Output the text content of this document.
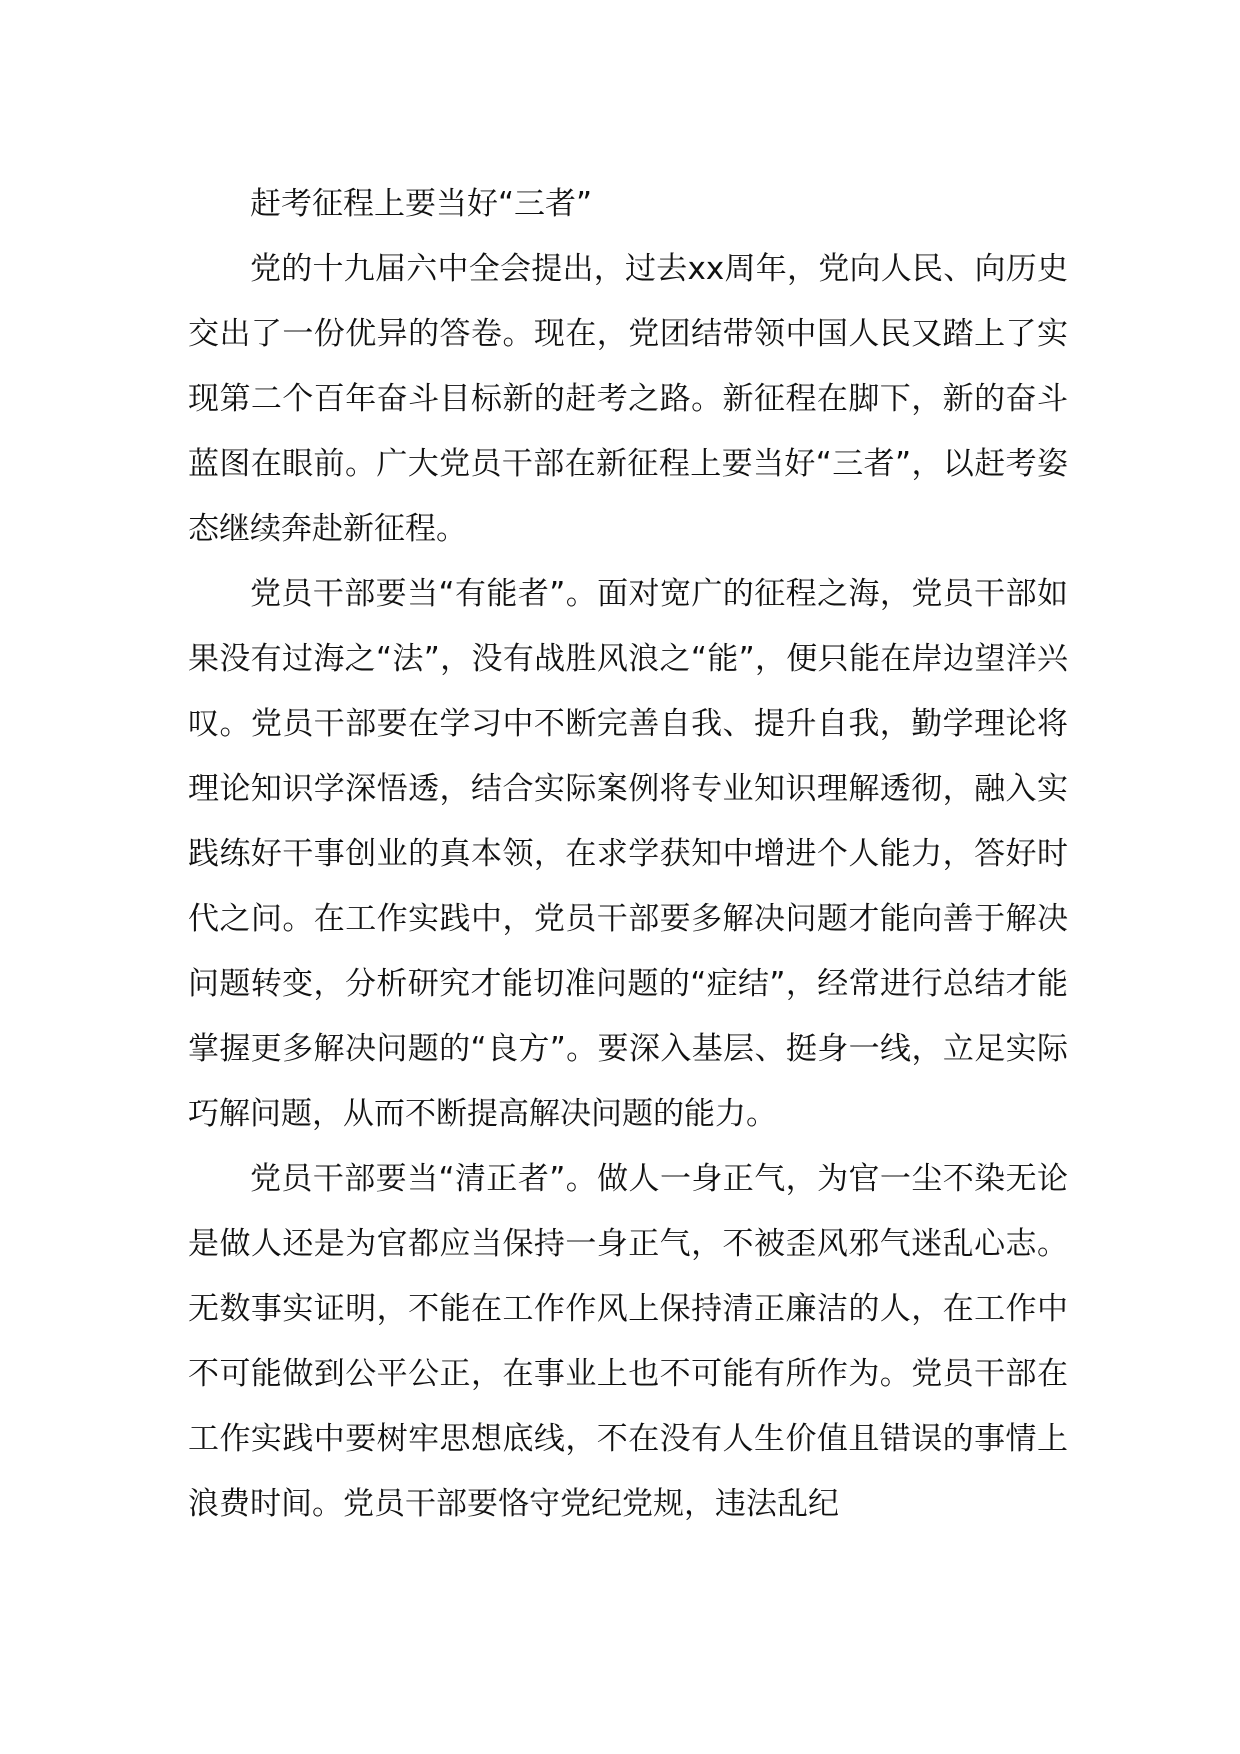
赶考征程上要当好“三者”

党的十九届六中全会提出，过去xx周年，党向人民、向历史交出了一份优异的答卷。现在，党团结带领中国人民又踏上了实现第二个百年奋斗目标新的赶考之路。新征程在脚下，新的奋斗蓝图在眼前。广大党员干部在新征程上要当好“三者”，以赶考姿态继续奔赴新征程。

党员干部要当“有能者”。面对宽广的征程之海，党员干部如果没有过海之“法”，没有战胜风浪之“能”，便只能在岸边望洋兴叹。党员干部要在学习中不断完善自我、提升自我，勤学理论将理论知识学深悟透，结合实际案例将专业知识理解透彻，融入实践练好干事创业的真本领，在求学获知中增进个人能力，答好时代之问。在工作实践中，党员干部要多解决问题才能向善于解决问题转变，分析研究才能切准问题的“症结”，经常进行总结才能掌握更多解决问题的“良方”。要深入基层、挺身一线，立足实际巧解问题，从而不断提高解决问题的能力。

党员干部要当“清正者”。做人一身正气，为官一尘不染无论是做人还是为官都应当保持一身正气，不被歪风邪气迷乱心志。无数事实证明，不能在工作作风上保持清正廉洁的人，在工作中不可能做到公平公正，在事业上也不可能有所作为。党员干部在工作实践中要树牢思想底线，不在没有人生价值且错误的事情上浪费时间。党员干部要恪守党纪党规，违法乱纪
